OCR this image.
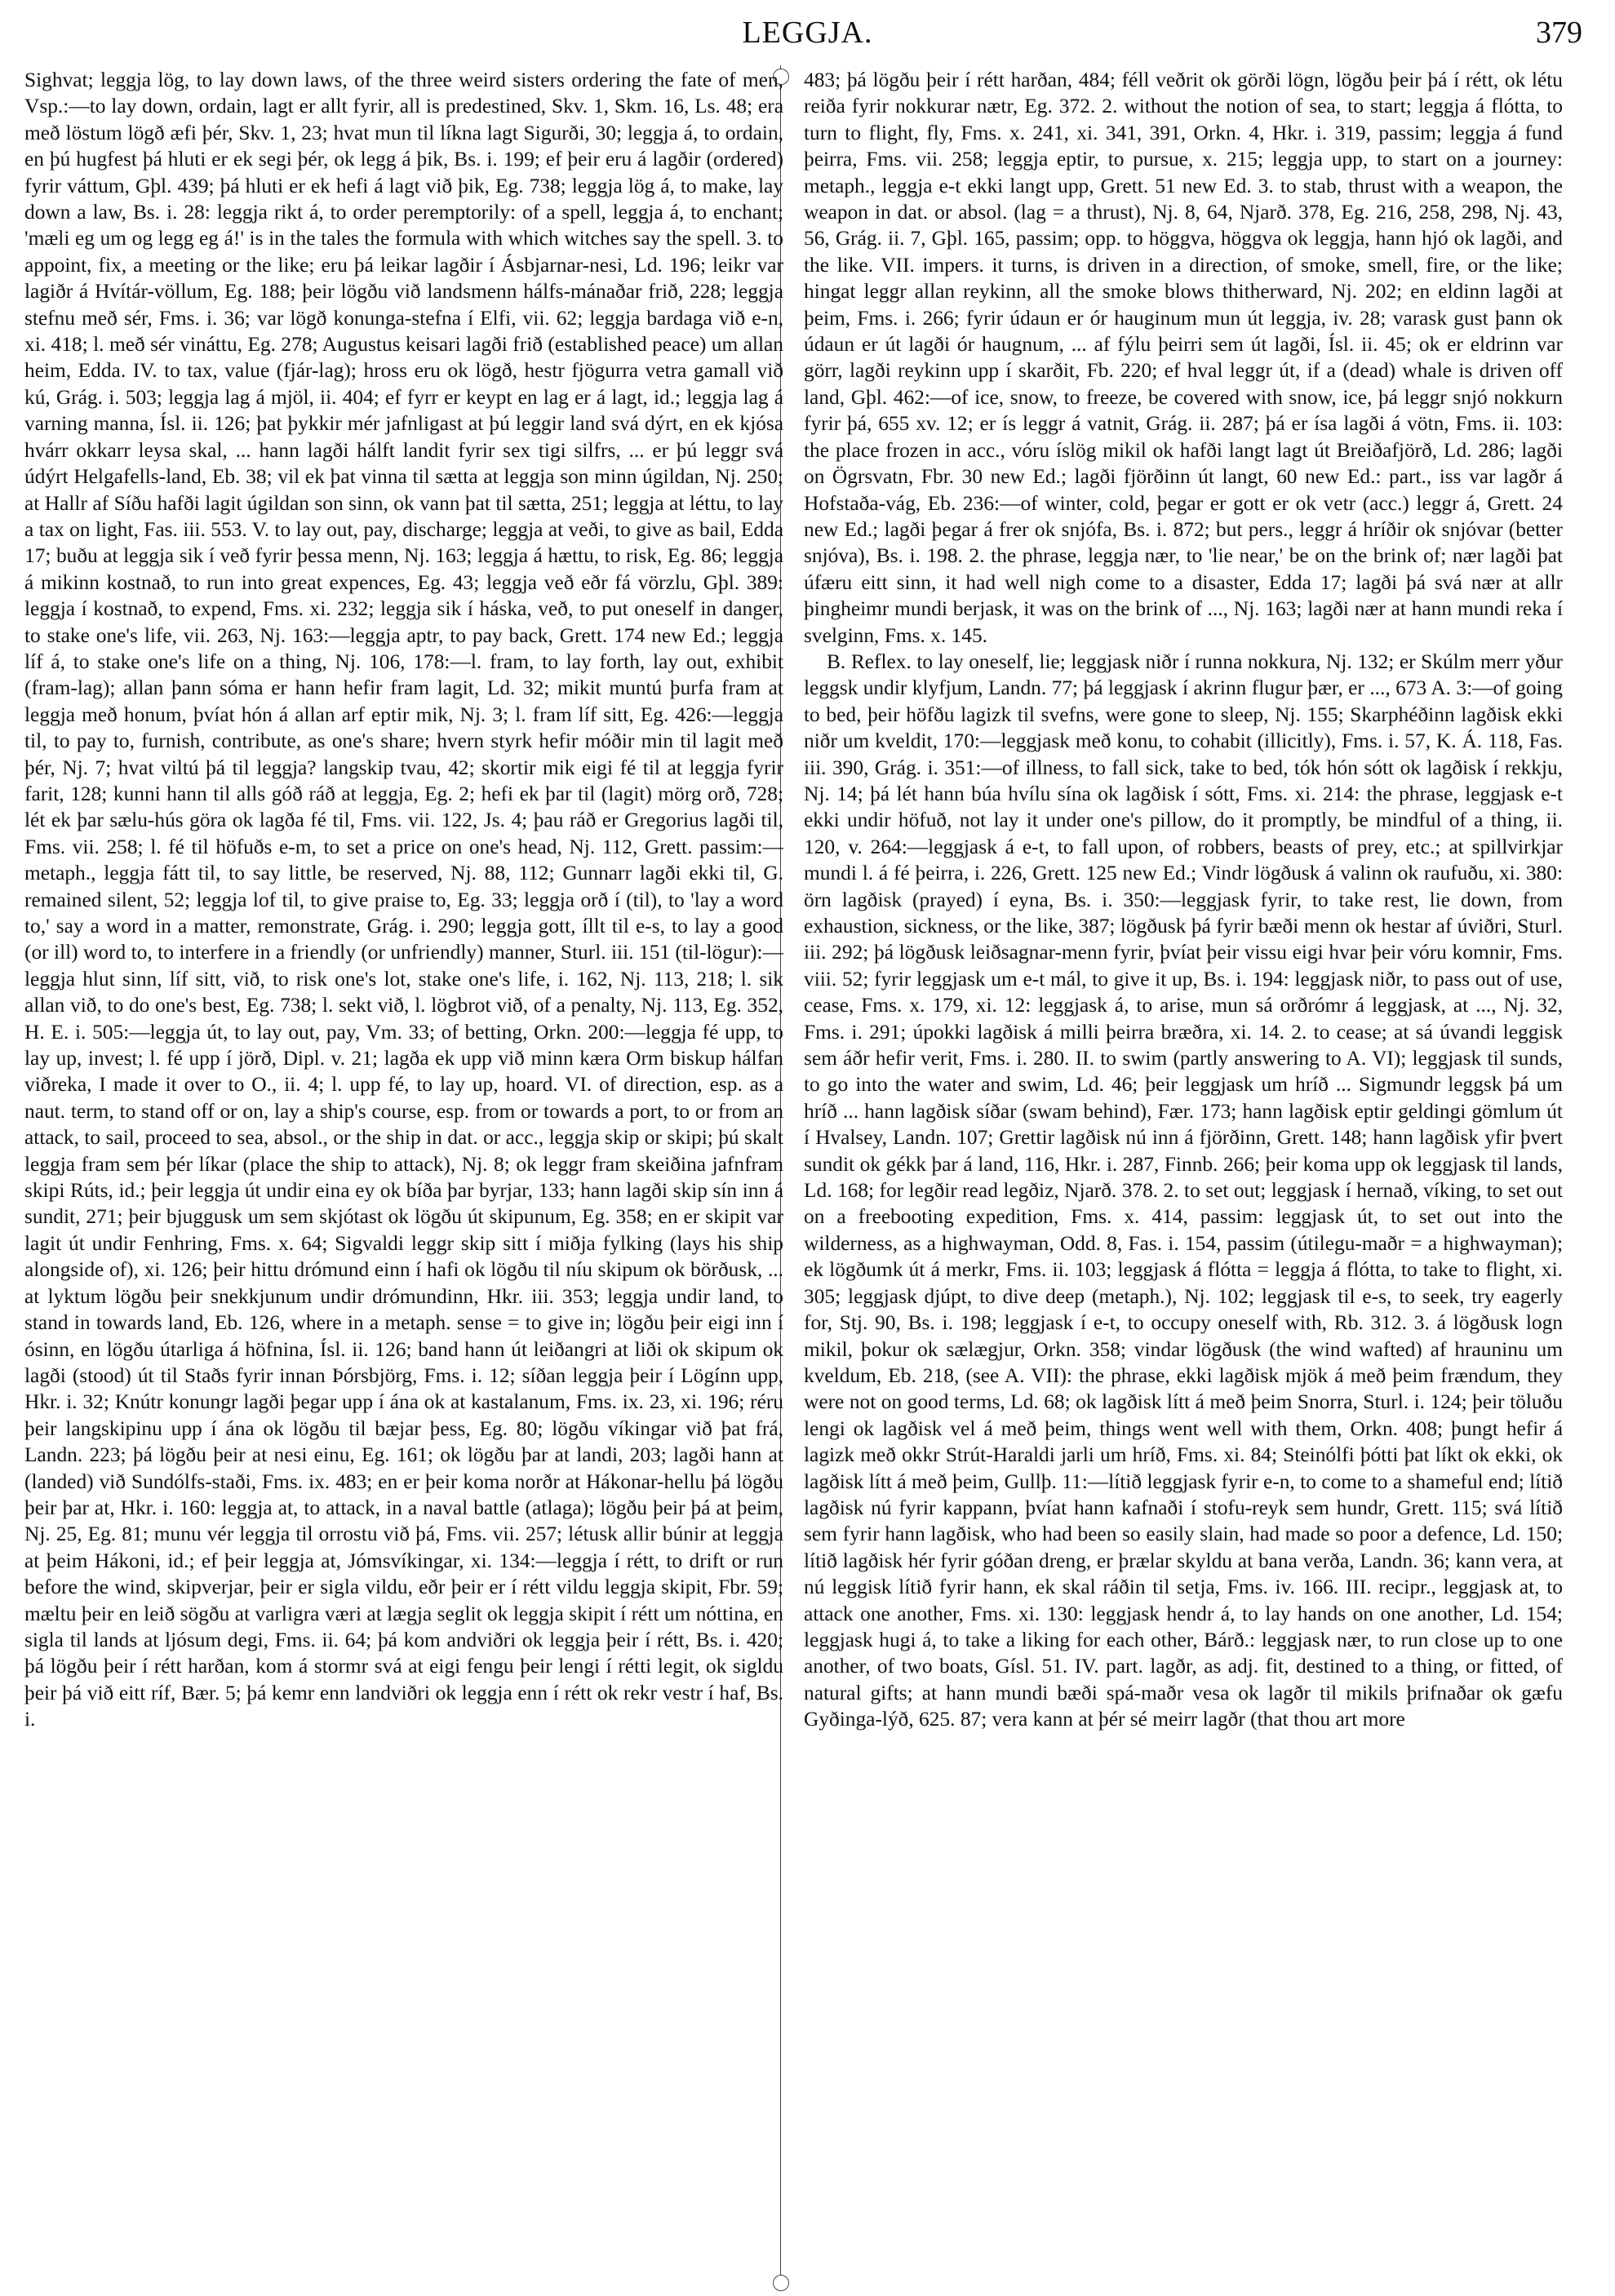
LEGGJA.	379

Sighvat; leggja lög, to lay down laws, of the three weird sisters ordering the fate of men, Vsp.:—to lay down, ordain, lagt er allt fyrir, all is predestined, Skv. 1, Skm. 16, Ls. 48; era með löstum lögð æfi þér, Skv. 1, 23; hvat mun til líkna lagt Sigurði, 30; leggja á, to ordain, en þú hugfest þá hluti er ek segi þér, ok legg á þik, Bs. i. 199; ef þeir eru á lagðir (ordered) fyrir váttum, Gþl. 439; þá hluti er ek hefi á lagt við þik, Eg. 738; leggja lög á, to make, lay down a law, Bs. i. 28: leggja rikt á, to order peremptorily: of a spell, leggja á, to enchant; 'mæli eg um og legg eg á!' is in the tales the formula with which witches say the spell. 3. to appoint, fix, a meeting or the like; eru þá leikar lagðir í Ásbjarnar-nesi, Ld. 196; leikr var lagiðr á Hvítár-völlum, Eg. 188; þeir lögðu við landsmenn hálfs-mánaðar frið, 228; leggja stefnu með sér, Fms. i. 36; var lögð konunga-stefna í Elfi, vii. 62; leggja bardaga við e-n, xi. 418; l. með sér vináttu, Eg. 278; Augustus keisari lagði frið (established peace) um allan heim, Edda. IV. to tax, value (fjár-lag); hross eru ok lögð, hestr fjögurra vetra gamall við kú, Grág. i. 503; leggja lag á mjöl, ii. 404; ef fyrr er keypt en lag er á lagt, id.; leggja lag á varning manna, Ísl. ii. 126; þat þykkir mér jafnligast at þú leggir land svá dýrt, en ek kjósa hvárr okkarr leysa skal, ... hann lagði hálft landit fyrir sex tigi silfrs, ... er þú leggr svá údýrt Helgafells-land, Eb. 38; vil ek þat vinna til sætta at leggja son minn úgildan, Nj. 250; at Hallr af Síðu hafði lagit úgildan son sinn, ok vann þat til sætta, 251; leggja at léttu, to lay a tax on light, Fas. iii. 553. V. to lay out, pay, discharge; leggja at veði, to give as bail, Edda 17; buðu at leggja sik í veð fyrir þessa menn, Nj. 163; leggja á hættu, to risk, Eg. 86; leggja á mikinn kostnað, to run into great expences, Eg. 43; leggja veð eðr fá vörzlu, Gþl. 389: leggja í kostnað, to expend, Fms. xi. 232; leggja sik í háska, veð, to put oneself in danger, to stake one's life, vii. 263, Nj. 163:—leggja aptr, to pay back, Grett. 174 new Ed.; leggja líf á, to stake one's life on a thing, Nj. 106, 178:—l. fram, to lay forth, lay out, exhibit (fram-lag); allan þann sóma er hann hefir fram lagit, Ld. 32; mikit muntú þurfa fram at leggja með honum, þvíat hón á allan arf eptir mik, Nj. 3; l. fram líf sitt, Eg. 426:—leggja til, to pay to, furnish, contribute, as one's share; hvern styrk hefir móðir min til lagit með þér, Nj. 7; hvat viltú þá til leggja? langskip tvau, 42; skortir mik eigi fé til at leggja fyrir farit, 128; kunni hann til alls góð ráð at leggja, Eg. 2; hefi ek þar til (lagit) mörg orð, 728; lét ek þar sælu-hús göra ok lagða fé til, Fms. vii. 122, Js. 4; þau ráð er Gregorius lagði til, Fms. vii. 258; l. fé til höfuðs e-m, to set a price on one's head, Nj. 112, Grett. passim:—metaph., leggja fátt til, to say little, be reserved, Nj. 88, 112; Gunnarr lagði ekki til, G. remained silent, 52; leggja lof til, to give praise to, Eg. 33; leggja orð í (til), to 'lay a word to,' say a word in a matter, remonstrate, Grág. i. 290; leggja gott, íllt til e-s, to lay a good (or ill) word to, to interfere in a friendly (or unfriendly) manner, Sturl. iii. 151 (til-lögur):—leggja hlut sinn, líf sitt, við, to risk one's lot, stake one's life, i. 162, Nj. 113, 218; l. sik allan við, to do one's best, Eg. 738; l. sekt við, l. lögbrot við, of a penalty, Nj. 113, Eg. 352, H. E. i. 505:—leggja út, to lay out, pay, Vm. 33; of betting, Orkn. 200:—leggja fé upp, to lay up, invest; l. fé upp í jörð, Dipl. v. 21; lagða ek upp við minn kæra Orm biskup hálfan viðreka, I made it over to O., ii. 4; l. upp fé, to lay up, hoard. VI. of direction, esp. as a naut. term, to stand off or on, lay a ship's course, esp. from or towards a port, to or from an attack, to sail, proceed to sea, absol., or the ship in dat. or acc., leggja skip or skipi; þú skalt leggja fram sem þér líkar (place the ship to attack), Nj. 8; ok leggr fram skeiðina jafnfram skipi Rúts, id.; þeir leggja út undir eina ey ok bíða þar byrjar, 133; hann lagði skip sín inn á sundit, 271; þeir bjuggusk um sem skjótast ok lögðu út skipunum, Eg. 358; en er skipit var lagit út undir Fenhring, Fms. x. 64; Sigvaldi leggr skip sitt í miðja fylking (lays his ship alongside of), xi. 126; þeir hittu drómund einn í hafi ok lögðu til níu skipum ok börðusk, ... at lyktum lögðu þeir snekkjunum undir drómundinn, Hkr. iii. 353; leggja undir land, to stand in towards land, Eb. 126, where in a metaph. sense = to give in; lögðu þeir eigi inn í ósinn, en lögðu útarliga á höfnina, Ísl. ii. 126; band hann út leiðangri at liði ok skipum ok lagði (stood) út til Staðs fyrir innan Þórsbjörg, Fms. i. 12; síðan leggja þeir í Lögínn upp, Hkr. i. 32; Knútr konungr lagði þegar upp í ána ok at kastalanum, Fms. ix. 23, xi. 196; réru þeir langskipinu upp í ána ok lögðu til bæjar þess, Eg. 80; lögðu víkingar við þat frá, Landn. 223; þá lögðu þeir at nesi einu, Eg. 161; ok lögðu þar at landi, 203; lagði hann at (landed) við Sundólfs-staði, Fms. ix. 483; en er þeir koma norðr at Hákonar-hellu þá lögðu þeir þar at, Hkr. i. 160: leggja at, to attack, in a naval battle (atlaga); lögðu þeir þá at þeim, Nj. 25, Eg. 81; munu vér leggja til orrostu við þá, Fms. vii. 257; létusk allir búnir at leggja at þeim Hákoni, id.; ef þeir leggja at, Jómsvíkingar, xi. 134:—leggja í rétt, to drift or run before the wind, skipverjar, þeir er sigla vildu, eðr þeir er í rétt vildu leggja skipit, Fbr. 59; mæltu þeir en leið sögðu at varligra væri at lægja seglit ok leggja skipit í rétt um nóttina, en sigla til lands at ljósum degi, Fms. ii. 64; þá kom andviðri ok leggja þeir í rétt, Bs. i. 420; þá lögðu þeir í rétt harðan, kom á stormr svá at eigi fengu þeir lengi í rétti legit, ok sigldu þeir þá við eitt ríf, Bær. 5; þá kemr enn landviðri ok leggja enn í rétt ok rekr vestr í haf, Bs. i.

483; þá lögðu þeir í rétt harðan, 484; féll veðrit ok görði lögn, lögðu þeir þá í rétt, ok létu reiða fyrir nokkurar nætr, Eg. 372. 2. without the notion of sea, to start; leggja á flótta, to turn to flight, fly, Fms. x. 241, xi. 341, 391, Orkn. 4, Hkr. i. 319, passim; leggja á fund þeirra, Fms. vii. 258; leggja eptir, to pursue, x. 215; leggja upp, to start on a journey: metaph., leggja e-t ekki langt upp, Grett. 51 new Ed. 3. to stab, thrust with a weapon, the weapon in dat. or absol. (lag = a thrust), Nj. 8, 64, Njarð. 378, Eg. 216, 258, 298, Nj. 43, 56, Grág. ii. 7, Gþl. 165, passim; opp. to höggva, höggva ok leggja, hann hjó ok lagði, and the like. VII. impers. it turns, is driven in a direction, of smoke, smell, fire, or the like; hingat leggr allan reykinn, all the smoke blows thitherward, Nj. 202; en eldinn lagði at þeim, Fms. i. 266; fyrir údaun er ór hauginum mun út leggja, iv. 28; varask gust þann ok údaun er út lagði ór haugnum, ... af fýlu þeirri sem út lagði, Ísl. ii. 45; ok er eldrinn var görr, lagði reykinn upp í skarðit, Fb. 220; ef hval leggr út, if a (dead) whale is driven off land, Gþl. 462:—of ice, snow, to freeze, be covered with snow, ice, þá leggr snjó nokkurn fyrir þá, 655 xv. 12; er ís leggr á vatnit, Grág. ii. 287; þá er ísa lagði á vötn, Fms. ii. 103: the place frozen in acc., vóru íslög mikil ok hafði langt lagt út Breiðafjörð, Ld. 286; lagði on Ögrsvatn, Fbr. 30 new Ed.; lagði fjörðinn út langt, 60 new Ed.: part., iss var lagðr á Hofstaða-vág, Eb. 236:—of winter, cold, þegar er gott er ok vetr (acc.) leggr á, Grett. 24 new Ed.; lagði þegar á frer ok snjófa, Bs. i. 872; but pers., leggr á hríðir ok snjóvar (better snjóva), Bs. i. 198. 2. the phrase, leggja nær, to 'lie near,' be on the brink of; nær lagði þat úfæru eitt sinn, it had well nigh come to a disaster, Edda 17; lagði þá svá nær at allr þingheimr mundi berjask, it was on the brink of ..., Nj. 163; lagði nær at hann mundi reka í svelginn, Fms. x. 145.

B. Reflex. to lay oneself, lie; leggjask niðr í runna nokkura, Nj. 132; er Skúlm merr yður leggsk undir klyfjum, Landn. 77; þá leggjask í akrinn flugur þær, er ..., 673 A. 3:—of going to bed, þeir höfðu lagizk til svefns, were gone to sleep, Nj. 155; Skarphéðinn lagðisk ekki niðr um kveldit, 170:—leggjask með konu, to cohabit (illicitly), Fms. i. 57, K. Á. 118, Fas. iii. 390, Grág. i. 351:—of illness, to fall sick, take to bed, tók hón sótt ok lagðisk í rekkju, Nj. 14; þá lét hann búa hvílu sína ok lagðisk í sótt, Fms. xi. 214: the phrase, leggjask e-t ekki undir höfuð, not lay it under one's pillow, do it promptly, be mindful of a thing, ii. 120, v. 264:—leggjask á e-t, to fall upon, of robbers, beasts of prey, etc.; at spillvirkjar mundi l. á fé þeirra, i. 226, Grett. 125 new Ed.; Vindr lögðusk á valinn ok raufuðu, xi. 380: örn lagðisk (prayed) í eyna, Bs. i. 350:—leggjask fyrir, to take rest, lie down, from exhaustion, sickness, or the like, 387; lögðusk þá fyrir bæði menn ok hestar af úviðri, Sturl. iii. 292; þá lögðusk leiðsagnar-menn fyrir, þvíat þeir vissu eigi hvar þeir vóru komnir, Fms. viii. 52; fyrir leggjask um e-t mál, to give it up, Bs. i. 194: leggjask niðr, to pass out of use, cease, Fms. x. 179, xi. 12: leggjask á, to arise, mun sá orðrómr á leggjask, at ..., Nj. 32, Fms. i. 291; úpokki lagðisk á milli þeirra bræðra, xi. 14. 2. to cease; at sá úvandi leggisk sem áðr hefir verit, Fms. i. 280. II. to swim (partly answering to A. VI); leggjask til sunds, to go into the water and swim, Ld. 46; þeir leggjask um hríð ... Sigmundr leggsk þá um hríð ... hann lagðisk síðar (swam behind), Fær. 173; hann lagðisk eptir geldingi gömlum út í Hvalsey, Landn. 107; Grettir lagðisk nú inn á fjörðinn, Grett. 148; hann lagðisk yfir þvert sundit ok gékk þar á land, 116, Hkr. i. 287, Finnb. 266; þeir koma upp ok leggjask til lands, Ld. 168; for legðir read legðiz, Njarð. 378. 2. to set out; leggjask í hernað, víking, to set out on a freebooting expedition, Fms. x. 414, passim: leggjask út, to set out into the wilderness, as a highwayman, Odd. 8, Fas. i. 154, passim (útilegu-maðr = a highwayman); ek lögðumk út á merkr, Fms. ii. 103; leggjask á flótta = leggja á flótta, to take to flight, xi. 305; leggjask djúpt, to dive deep (metaph.), Nj. 102; leggjask til e-s, to seek, try eagerly for, Stj. 90, Bs. i. 198; leggjask í e-t, to occupy oneself with, Rb. 312. 3. á lögðusk logn mikil, þokur ok sælægjur, Orkn. 358; vindar lögðusk (the wind wafted) af hrauninu um kveldum, Eb. 218, (see A. VII): the phrase, ekki lagðisk mjök á með þeim frændum, they were not on good terms, Ld. 68; ok lagðisk lítt á með þeim Snorra, Sturl. i. 124; þeir töluðu lengi ok lagðisk vel á með þeim, things went well with them, Orkn. 408; þungt hefir á lagizk með okkr Strút-Haraldi jarli um hríð, Fms. xi. 84; Steinólfi þótti þat líkt ok ekki, ok lagðisk lítt á með þeim, Gullþ. 11:—lítið leggjask fyrir e-n, to come to a shameful end; lítið lagðisk nú fyrir kappann, þvíat hann kafnaði í stofu-reyk sem hundr, Grett. 115; svá lítið sem fyrir hann lagðisk, who had been so easily slain, had made so poor a defence, Ld. 150; lítið lagðisk hér fyrir góðan dreng, er þrælar skyldu at bana verða, Landn. 36; kann vera, at nú leggisk lítið fyrir hann, ek skal ráðin til setja, Fms. iv. 166. III. recipr., leggjask at, to attack one another, Fms. xi. 130: leggjask hendr á, to lay hands on one another, Ld. 154; leggjask hugi á, to take a liking for each other, Bárð.: leggjask nær, to run close up to one another, of two boats, Gísl. 51. IV. part. lagðr, as adj. fit, destined to a thing, or fitted, of natural gifts; at hann mundi bæði spá-maðr vesa ok lagðr til mikils þrifnaðar ok gæfu Gyðinga-lýð, 625. 87; vera kann at þér sé meirr lagðr (that thou art more
